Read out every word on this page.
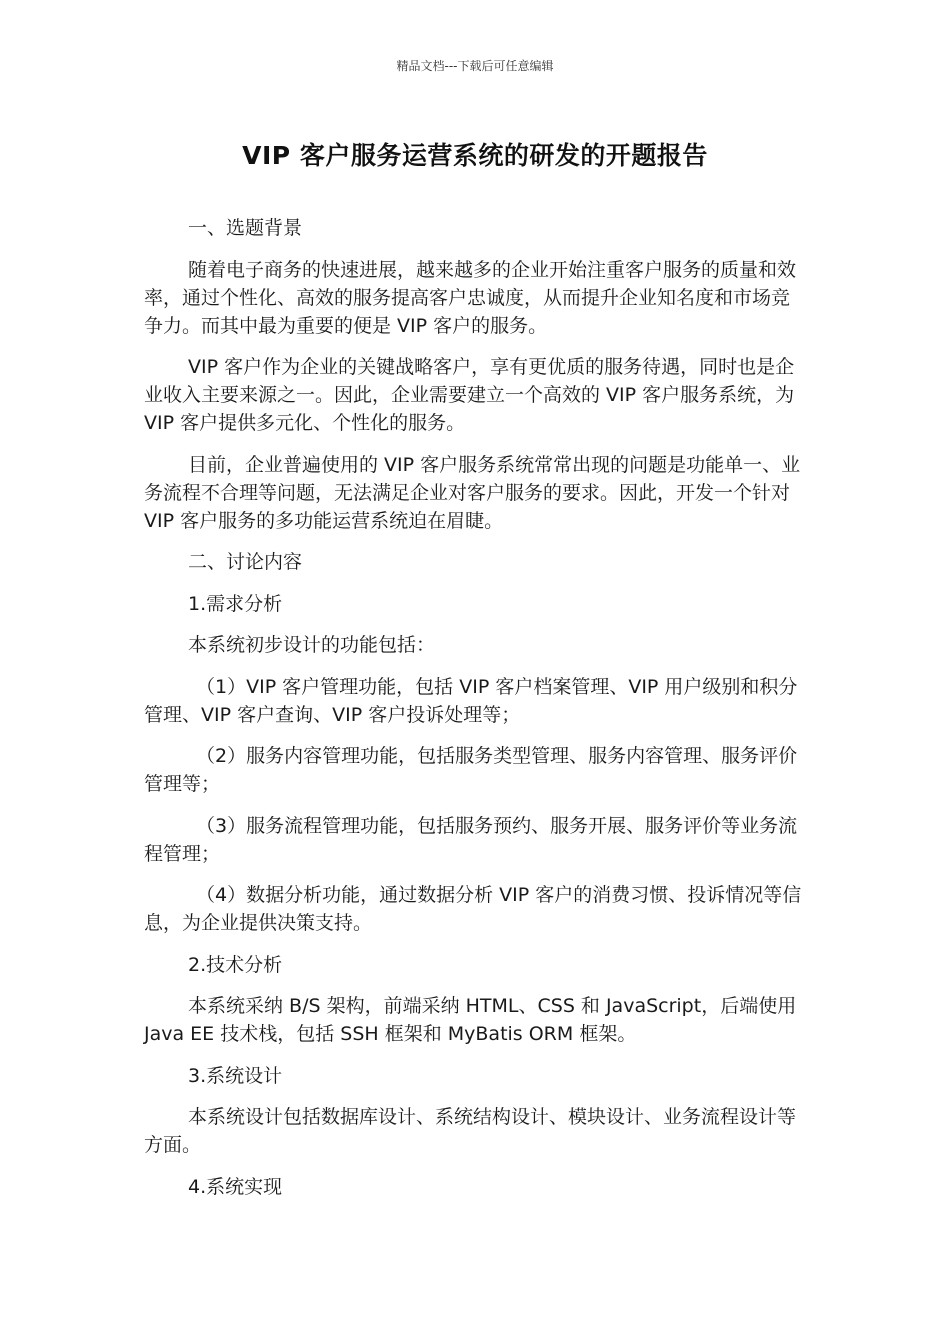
精品文档---下载后可任意编辑
VIP 客户服务运营系统的研发的开题报告

一、选题背景

随着电子商务的快速进展，越来越多的企业开始注重客户服务的质量和效率，通过个性化、高效的服务提高客户忠诚度，从而提升企业知名度和市场竞争力。而其中最为重要的便是 VIP 客户的服务。

VIP 客户作为企业的关键战略客户，享有更优质的服务待遇，同时也是企业收入主要来源之一。因此，企业需要建立一个高效的 VIP 客户服务系统，为 VIP 客户提供多元化、个性化的服务。

目前，企业普遍使用的 VIP 客户服务系统常常出现的问题是功能单一、业务流程不合理等问题，无法满足企业对客户服务的要求。因此，开发一个针对 VIP 客户服务的多功能运营系统迫在眉睫。

二、讨论内容

1.需求分析

本系统初步设计的功能包括：

（1）VIP 客户管理功能，包括 VIP 客户档案管理、VIP 用户级别和积分管理、VIP 客户查询、VIP 客户投诉处理等；

（2）服务内容管理功能，包括服务类型管理、服务内容管理、服务评价管理等；

（3）服务流程管理功能，包括服务预约、服务开展、服务评价等业务流程管理；

（4）数据分析功能，通过数据分析 VIP 客户的消费习惯、投诉情况等信息，为企业提供决策支持。

2.技术分析

本系统采纳 B/S 架构，前端采纳 HTML、CSS 和 JavaScript，后端使用 Java EE 技术栈，包括 SSH 框架和 MyBatis ORM 框架。

3.系统设计

本系统设计包括数据库设计、系统结构设计、模块设计、业务流程设计等方面。

4.系统实现
